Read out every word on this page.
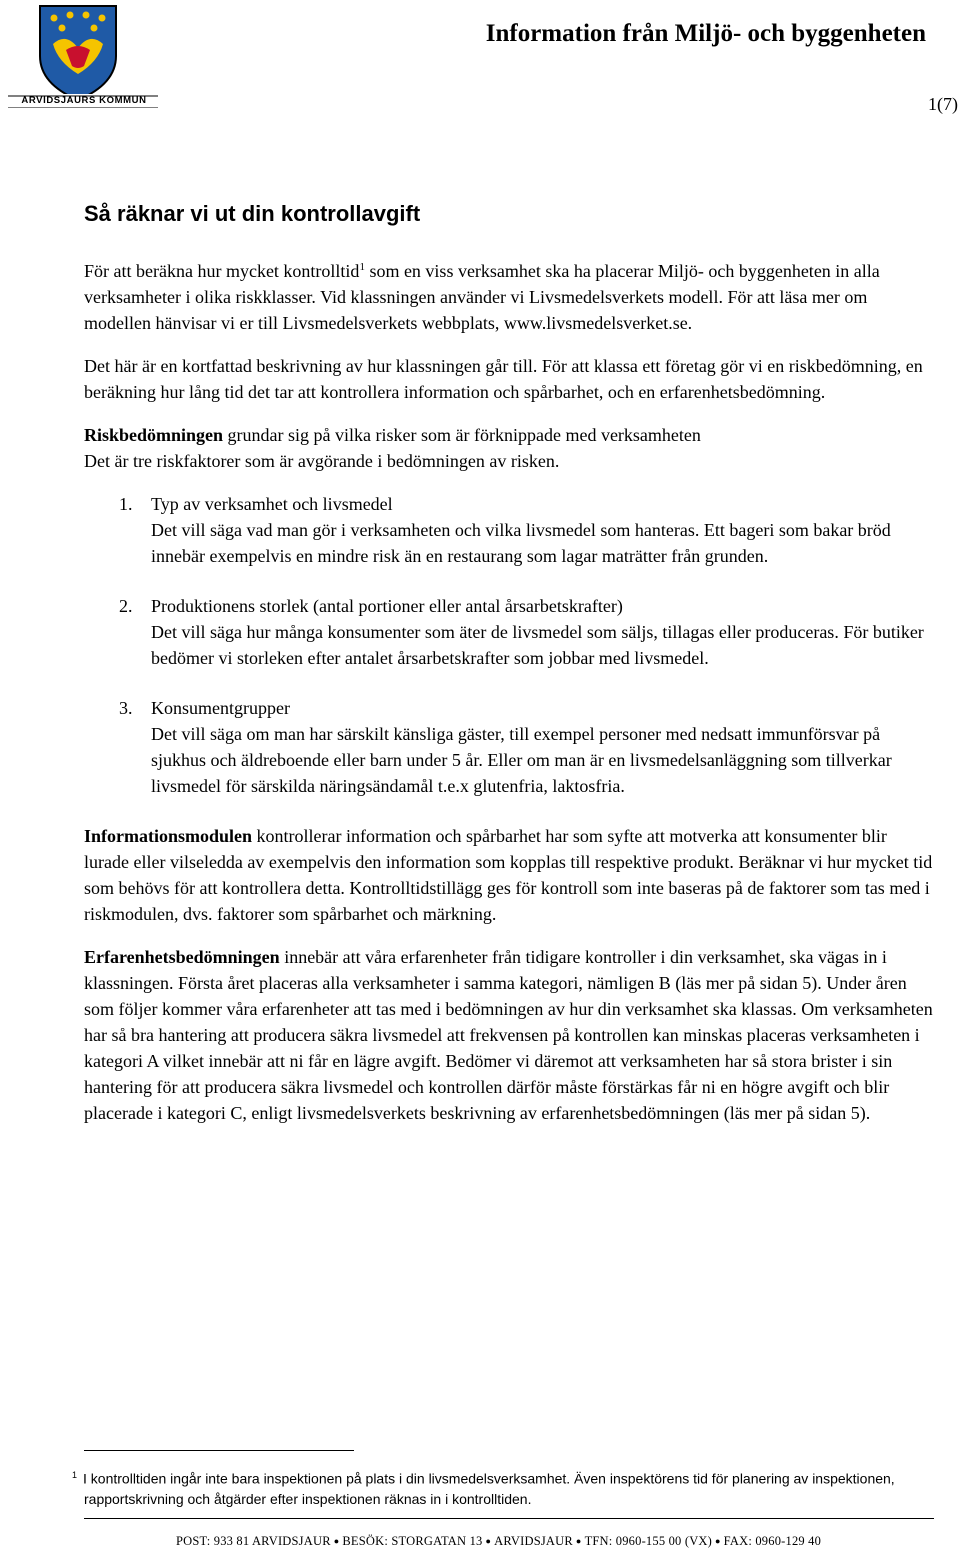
ARVIDSJAURS KOMMUN
Information från Miljö- och byggenheten
1(7)
Så räknar vi ut din kontrollavgift

För att beräkna hur mycket kontrolltid$^1$ som en viss verksamhet ska ha placerar Miljö- och byggenheten in alla verksamheter i olika riskklasser. Vid klassningen använder vi Livsmedelsverkets modell. För att läsa mer om modellen hänvisar vi er till Livsmedelsverkets webbplats, www.livsmedelsverket.se.

Det här är en kortfattad beskrivning av hur klassningen går till. För att klassa ett företag gör vi en riskbedömning, en beräkning hur lång tid det tar att kontrollera information och spårbarhet, och en erfarenhetsbedömning.

Riskbedömningen grundar sig på vilka risker som är förknippade med verksamheten

Det är tre riskfaktorer som är avgörande i bedömningen av risken.

1. Typ av verksamhet och livsmedel
Det vill säga vad man gör i verksamheten och vilka livsmedel som hanteras. Ett bageri som bakar bröd innebär exempelvis en mindre risk än en restaurang som lagar maträtter från grunden.
2. Produktionens storlek (antal portioner eller antal årsarbetskrafter)
Det vill säga hur många konsumenter som äter de livsmedel som säljs, tillagas eller produceras. För butiker bedömer vi storleken efter antalet årsarbetskrafter som jobbar med livsmedel.
3. Konsumentgrupper
Det vill säga om man har särskilt känsliga gäster, till exempel personer med nedsatt immunförsvar på sjukhus och äldreboende eller barn under 5 år. Eller om man är en livsmedelsanläggning som tillverkar livsmedel för särskilda näringsändamål t.e.x glutenfria, laktosfria.

Informationsmodulen kontrollerar information och spårbarhet har som syfte att motverka att konsumenter blir lurade eller vilseledda av exempelvis den information som kopplas till respektive produkt. Beräknar vi hur mycket tid som behövs för att kontrollera detta. Kontrolltidstillägg ges för kontroll som inte baseras på de faktorer som tas med i riskmodulen, dvs. faktorer som spårbarhet och märkning.

Erfarenhetsbedömningen innebär att våra erfarenheter från tidigare kontroller i din verksamhet, ska vägas in i klassningen. Första året placeras alla verksamheter i samma kategori, nämligen B (läs mer på sidan 5). Under åren som följer kommer våra erfarenheter att tas med i bedömningen av hur din verksamhet ska klassas. Om verksamheten har så bra hantering att producera säkra livsmedel att frekvensen på kontrollen kan minskas placeras verksamheten i kategori A vilket innebär att ni får en lägre avgift. Bedömer vi däremot att verksamheten har så stora brister i sin hantering för att producera säkra livsmedel och kontrollen därför måste förstärkas får ni en högre avgift och blir placerade i kategori C, enligt livsmedelsverkets beskrivning av erfarenhetsbedömningen (läs mer på sidan 5).

$^1$ I kontrolltiden ingår inte bara inspektionen på plats i din livsmedelsverksamhet. Även inspektörens tid för planering av inspektionen, rapportskrivning och åtgärder efter inspektionen räknas in i kontrolltiden.
POST: 933 81 ARVIDSJAUR ● BESÖK: STORGATAN 13 ● ARVIDSJAUR ● TFN: 0960-155 00 (VX) ● FAX: 0960-129 40
